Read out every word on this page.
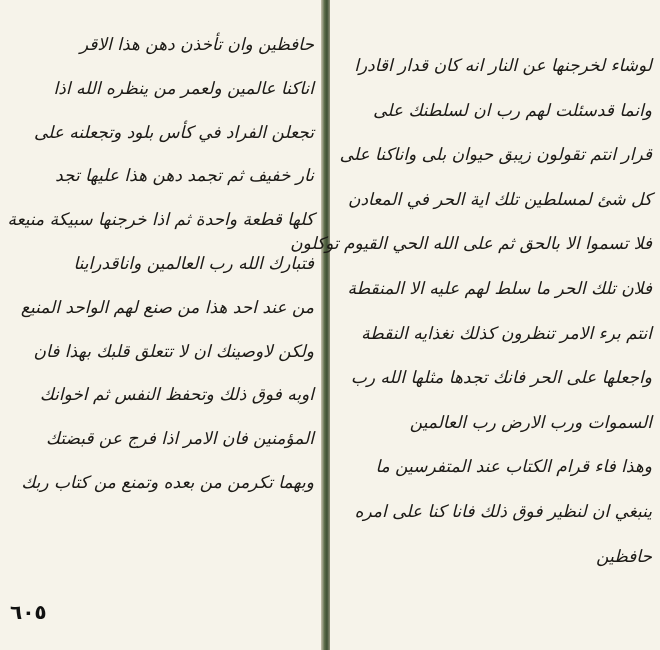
حافظين وان تأخذن دهن هذا الاقر
اناكنا عالمين ولعمر من ينظره الله اذا
تجعلن الفراد في كأس بلود وتجعلنه على
نار خفيف ثم تجمد دهن هذا عليها تجد
كلها قطعة واحدة ثم اذا خرجنها سبيكة منيعة
فتبارك الله رب العالمين واناقدراينا
من عند احد هذا من صنع لهم الواحد المنيع
ولكن لاوصينك ان لا تتعلق قلبك بهذا فان
اوبه فوق ذلك وتحفظ النفس ثم اخوانك
المؤمنين فان الامر اذا فرج عن قبضتك
وبهما تكرمن من بعده وتمنع من كتاب ربك
٦٠٥
لوشاء لخرجنها عن النار انه كان قدار اقادرا
وانما قدسئلت لهم رب ان لسلطنك على
قرار انتم تقولون زيبق حيوان بلى واناكنا على
كل شئ لمسلطين تلك اية الحر في المعادن
فلا تسموا الا بالحق ثم على الله الحي القيوم توكلون
فلان تلك الحر ما سلط لهم عليه الا المنقطة
انتم برء الامر تنظرون كذلك نغذايه النقطة
واجعلها على الحر فانك تجدها مثلها الله رب
السموات ورب الارض رب العالمين
وهذا فاء قرام الكتاب عند المتفرسين ما
ينبغي ان لنظير فوق ذلك فانا كنا على امره
حافظين
